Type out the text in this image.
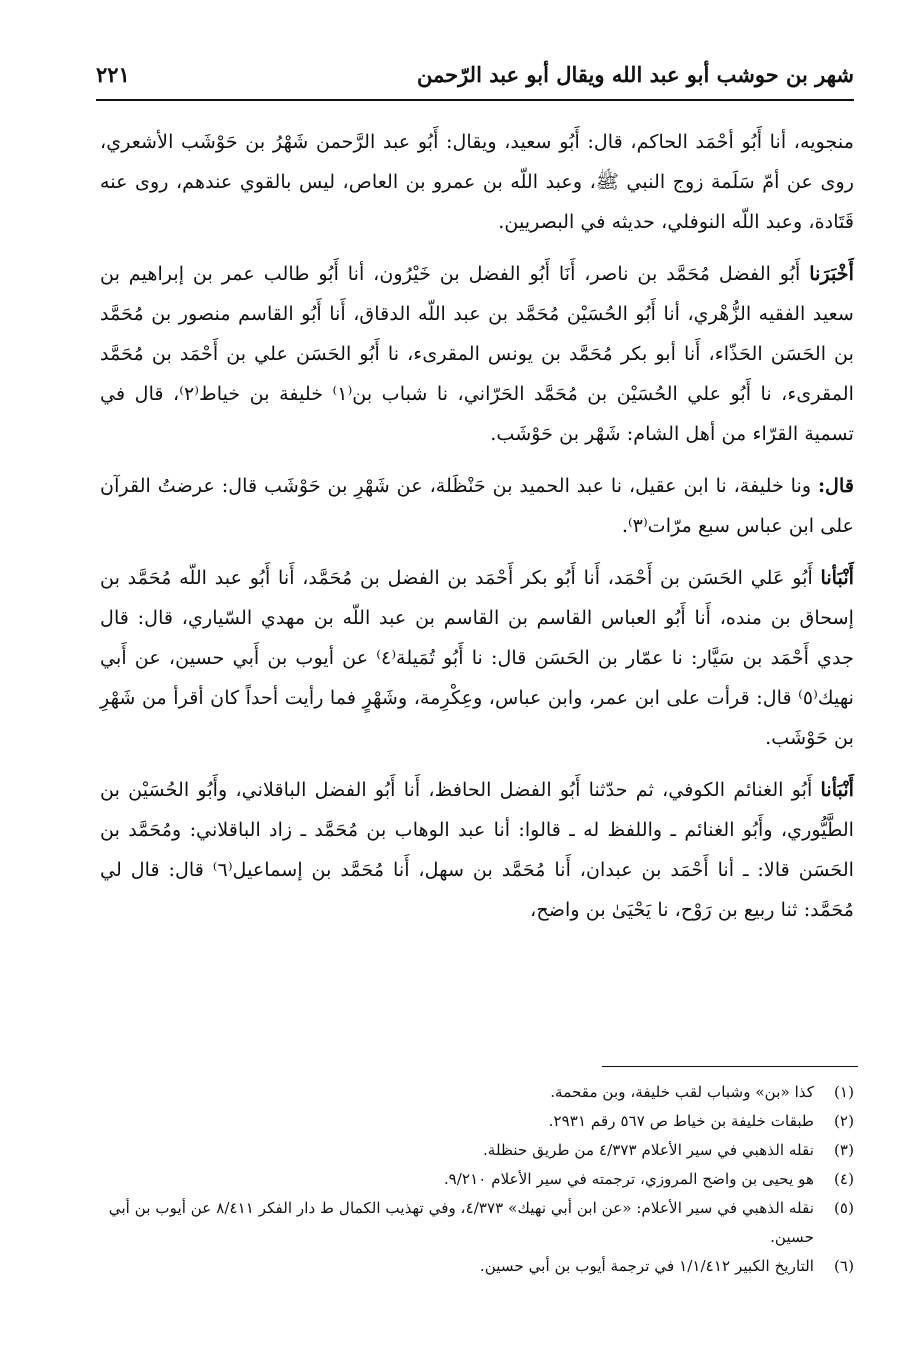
شهر بن حوشب أبو عبد الله ويقال أبو عبد الرّحمن
٢٢١

منجويه، أنا أَبُو أحْمَد الحاكم، قال: أَبُو سعيد، ويقال: أَبُو عبد الرَّحمن شَهْرُ بن حَوْشَب الأشعري، روى عن أمّ سَلَمة زوج النبي ﷺ، وعبد اللّه بن عمرو بن العاص، ليس بالقوي عندهم، روى عنه قَتَادة، وعبد اللّه النوفلي، حديثه في البصريين.

أَخْبَرَنا أَبُو الفضل مُحَمَّد بن ناصر، أَنَا أَبُو الفضل بن خَيْرُون، أنا أَبُو طالب عمر بن إبراهيم بن سعيد الفقيه الزُّهْري، أنا أَبُو الحُسَيْن مُحَمَّد بن عبد اللّه الدقاق، أَنا أَبُو القاسم منصور بن مُحَمَّد بن الحَسَن الحَذّاء، أَنا أبو بكر مُحَمَّد بن يونس المقرىء، نا أَبُو الحَسَن علي بن أَحْمَد بن مُحَمَّد المقرىء، نا أَبُو علي الحُسَيْن بن مُحَمَّد الحَرّاني، نا شباب بن⁽١⁾ خليفة بن خياط⁽٢⁾، قال في تسمية القرّاء من أهل الشام: شَهْر بن حَوْشَب.

قال: ونا خليفة، نا ابن عقيل، نا عبد الحميد بن حَنْظَلة، عن شَهْرِ بن حَوْشَب قال: عرضتُ القرآن على ابن عباس سبع مرّات⁽٣⁾.

أَنْبَأنا أَبُو عَلي الحَسَن بن أَحْمَد، أَنا أَبُو بكر أَحْمَد بن الفضل بن مُحَمَّد، أَنا أَبُو عبد اللّه مُحَمَّد بن إسحاق بن منده، أَنا أَبُو العباس القاسم بن القاسم بن عبد اللّه بن مهدي السّياري، قال: قال جدي أَحْمَد بن سَيَّار: نا عمّار بن الحَسَن قال: نا أَبُو تُمَيلة⁽٤⁾ عن أيوب بن أَبي حسين، عن أَبي نهيك⁽٥⁾ قال: قرأت على ابن عمر، وابن عباس، وعِكْرِمة، وشَهْرٍ فما رأيت أحداً كان أقرأ من شَهْرِ بن حَوْشَب.

أَنْبَأنا أَبُو الغنائم الكوفي، ثم حدّثنا أَبُو الفضل الحافظ، أَنا أَبُو الفضل الباقلاني، وأَبُو الحُسَيْن بن الطَّيُّوري، وأَبُو الغنائم ـ واللفظ له ـ قالوا: أنا عبد الوهاب بن مُحَمَّد ـ زاد الباقلاني: ومُحَمَّد بن الحَسَن قالا: ـ أنا أَحْمَد بن عبدان، أَنا مُحَمَّد بن سهل، أَنا مُحَمَّد بن إسماعيل⁽٦⁾ قال: قال لي مُحَمَّد: ثنا ربيع بن رَوْح، نا يَحْيَىٰ بن واضح،

(١)
كذا «بن» وشباب لقب خليفة، وبن مقحمة.

(٢)
طبقات خليفة بن خياط ص ٥٦٧ رقم ٢٩٣١.

(٣)
نقله الذهبي في سير الأعلام ٤/٣٧٣ من طريق حنظلة.

(٤)
هو يحيى بن واضح المروزي، ترجمته في سير الأعلام ٩/٢١٠.

(٥)
نقله الذهبي في سير الأعلام: «عن ابن أبي نهيك» ٤/٣٧٣، وفي تهذيب الكمال ط دار الفكر ٨/٤١١ عن أيوب بن أبي حسين.

(٦)
التاريخ الكبير ١/١/٤١٢ في ترجمة أيوب بن أبي حسين.
